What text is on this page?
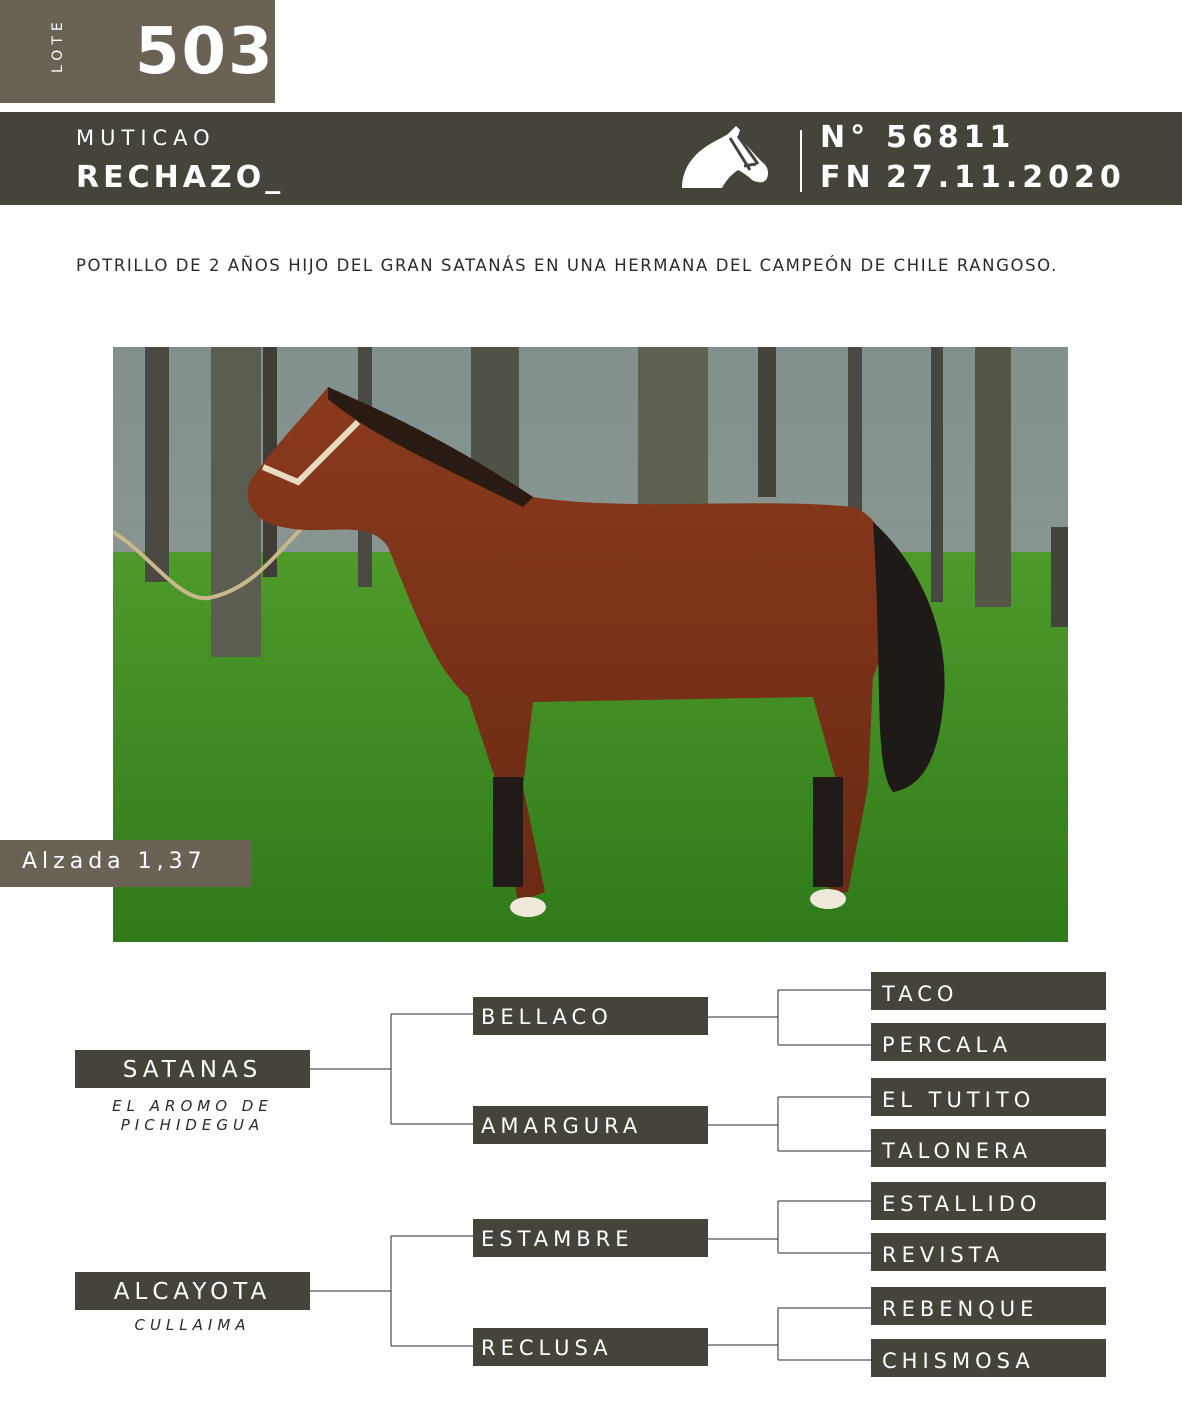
LOTE 503
MUTICAO
RECHAZO_
N° 56811
FN 27.11.2020
POTRILLO DE 2 AÑOS HIJO DEL GRAN SATANÁS EN UNA HERMANA DEL CAMPEÓN DE CHILE RANGOSO.
Alzada 1,37
SATANAS
EL AROMO DE PICHIDEGUA
ALCAYOTA
CULLAIMA
BELLACO
AMARGURA
ESTAMBRE
RECLUSA
TACO
PERCALA
EL TUTITO
TALONERA
ESTALLIDO
REVISTA
REBENQUE
CHISMOSA
